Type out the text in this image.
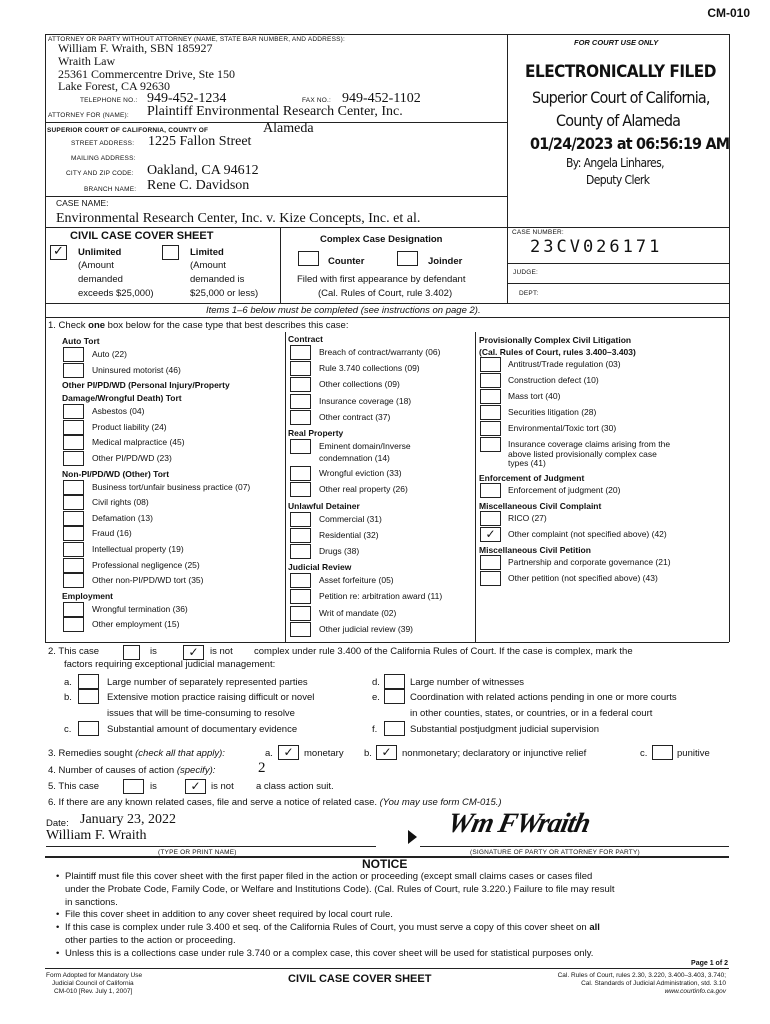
CM-010
ATTORNEY OR PARTY WITHOUT ATTORNEY (NAME, STATE BAR NUMBER, AND ADDRESS):
William F. Wraith, SBN 185927
Wraith Law
25361 Commercentre Drive, Ste 150
Lake Forest, CA 92630
TELEPHONE NO.: 949-452-1234	FAX NO.: 949-452-1102
ATTORNEY FOR (NAME): Plaintiff Environmental Research Center, Inc.
SUPERIOR COURT OF CALIFORNIA, COUNTY OF	Alameda
STREET ADDRESS: 1225 Fallon Street
MAILING ADDRESS:
CITY AND ZIP CODE: Oakland, CA 94612
BRANCH NAME: Rene C. Davidson
FOR COURT USE ONLY
ELECTRONICALLY FILED
Superior Court of California,
County of Alameda
01/24/2023 at 06:56:19 AM
By: Angela Linhares,
Deputy Clerk
CASE NAME:
Environmental Research Center, Inc. v. Kize Concepts, Inc. et al.
CIVIL CASE COVER SHEET
✓	Unlimited
(Amount
demanded
exceeds $25,000)
Limited
(Amount
demanded is
$25,000 or less)
Complex Case Designation
Counter	Joinder
Filed with first appearance by defendant
(Cal. Rules of Court, rule 3.402)
CASE NUMBER:
23CV026171
JUDGE:
DEPT:
Items 1–6 below must be completed (see instructions on page 2).
1. Check one box below for the case type that best describes this case:
Auto Tort
Auto (22)
Uninsured motorist (46)
Other PI/PD/WD (Personal Injury/Property
Damage/Wrongful Death) Tort
Asbestos (04)
Product liability (24)
Medical malpractice (45)
Other PI/PD/WD (23)
Non-PI/PD/WD (Other) Tort
Business tort/unfair business practice (07)
Civil rights (08)
Defamation (13)
Fraud (16)
Intellectual property (19)
Professional negligence (25)
Other non-PI/PD/WD tort (35)
Employment
Wrongful termination (36)
Other employment (15)
Contract
Breach of contract/warranty (06)
Rule 3.740 collections (09)
Other collections (09)
Insurance coverage (18)
Other contract (37)
Real Property
Eminent domain/Inverse
condemnation (14)
Wrongful eviction (33)
Other real property (26)
Unlawful Detainer
Commercial (31)
Residential (32)
Drugs (38)
Judicial Review
Asset forfeiture (05)
Petition re: arbitration award (11)
Writ of mandate (02)
Other judicial review (39)
Provisionally Complex Civil Litigation
(Cal. Rules of Court, rules 3.400–3.403)
Antitrust/Trade regulation (03)
Construction defect (10)
Mass tort (40)
Securities litigation (28)
Environmental/Toxic tort (30)
Insurance coverage claims arising from the
above listed provisionally complex case
types (41)
Enforcement of Judgment
Enforcement of judgment (20)
Miscellaneous Civil Complaint
RICO (27)
✓	Other complaint (not specified above) (42)
Miscellaneous Civil Petition
Partnership and corporate governance (21)
Other petition (not specified above) (43)
2. This case	is	✓	is not complex under rule 3.400 of the California Rules of Court. If the case is complex, mark the
factors requiring exceptional judicial management:
a.	Large number of separately represented parties
b.	Extensive motion practice raising difficult or novel
issues that will be time-consuming to resolve
c.	Substantial amount of documentary evidence
d.	Large number of witnesses
e.	Coordination with related actions pending in one or more courts
in other counties, states, or countries, or in a federal court
f.	Substantial postjudgment judicial supervision
3. Remedies sought (check all that apply):	a. ✓	monetary b. ✓	nonmonetary; declaratory or injunctive relief	c.	punitive
4. Number of causes of action (specify):	2
5. This case	is	✓	is not a class action suit.
6. If there are any known related cases, file and serve a notice of related case. (You may use form CM-015.)
Date: January 23, 2022
William F. Wraith
(TYPE OR PRINT NAME)
Wm FWraith
(SIGNATURE OF PARTY OR ATTORNEY FOR PARTY)
NOTICE
• Plaintiff must file this cover sheet with the first paper filed in the action or proceeding (except small claims cases or cases filed
under the Probate Code, Family Code, or Welfare and Institutions Code). (Cal. Rules of Court, rule 3.220.) Failure to file may result
in sanctions.
• File this cover sheet in addition to any cover sheet required by local court rule.
• If this case is complex under rule 3.400 et seq. of the California Rules of Court, you must serve a copy of this cover sheet on all
other parties to the action or proceeding.
• Unless this is a collections case under rule 3.740 or a complex case, this cover sheet will be used for statistical purposes only.
Page 1 of 2
Form Adopted for Mandatory Use
Judicial Council of California
CM-010 [Rev. July 1, 2007]
CIVIL CASE COVER SHEET	Cal. Rules of Court, rules 2.30, 3.220, 3.400–3.403, 3.740;
Cal. Standards of Judicial Administration, std. 3.10
www.courtinfo.ca.gov
